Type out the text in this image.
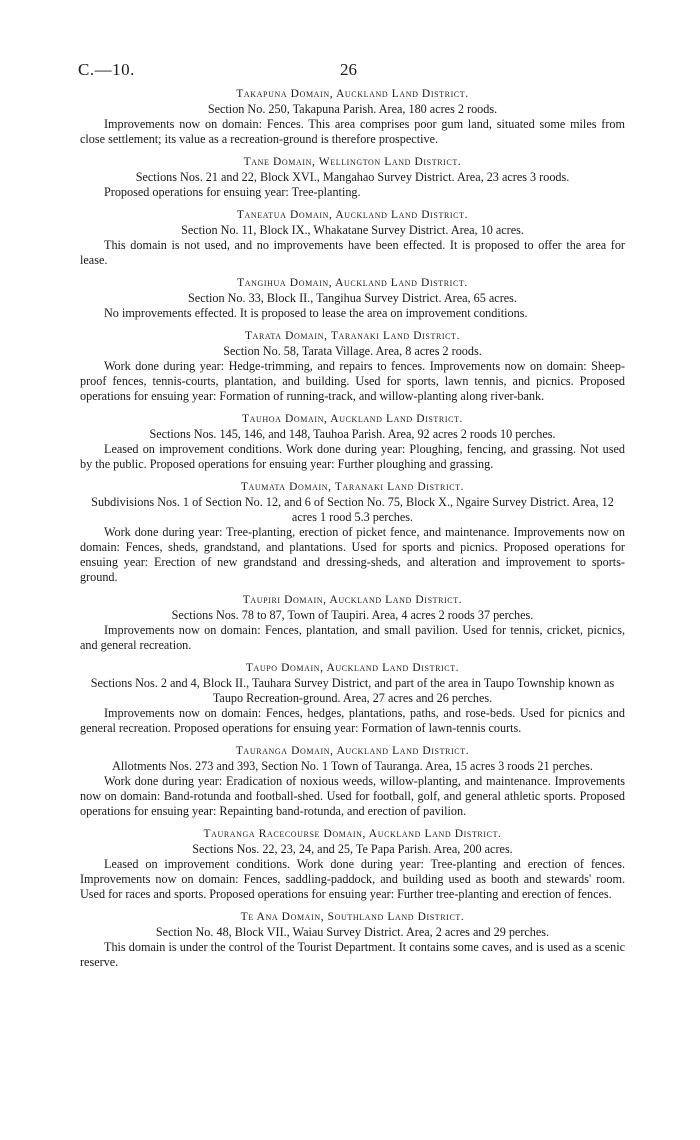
C.—10.	26
Takapuna Domain, Auckland Land District.
Section No. 250, Takapuna Parish. Area, 180 acres 2 roods.
Improvements now on domain: Fences. This area comprises poor gum land, situated some miles from close settlement; its value as a recreation-ground is therefore prospective.
Tane Domain, Wellington Land District.
Sections Nos. 21 and 22, Block XVI., Mangahao Survey District. Area, 23 acres 3 roods.
Proposed operations for ensuing year: Tree-planting.
Taneatua Domain, Auckland Land District.
Section No. 11, Block IX., Whakatane Survey District. Area, 10 acres.
This domain is not used, and no improvements have been effected. It is proposed to offer the area for lease.
Tangihua Domain, Auckland Land District.
Section No. 33, Block II., Tangihua Survey District. Area, 65 acres.
No improvements effected. It is proposed to lease the area on improvement conditions.
Tarata Domain, Taranaki Land District.
Section No. 58, Tarata Village. Area, 8 acres 2 roods.
Work done during year: Hedge-trimming, and repairs to fences. Improvements now on domain: Sheep-proof fences, tennis-courts, plantation, and building. Used for sports, lawn tennis, and picnics. Proposed operations for ensuing year: Formation of running-track, and willow-planting along river-bank.
Tauhoa Domain, Auckland Land District.
Sections Nos. 145, 146, and 148, Tauhoa Parish. Area, 92 acres 2 roods 10 perches.
Leased on improvement conditions. Work done during year: Ploughing, fencing, and grassing. Not used by the public. Proposed operations for ensuing year: Further ploughing and grassing.
Taumata Domain, Taranaki Land District.
Subdivisions Nos. 1 of Section No. 12, and 6 of Section No. 75, Block X., Ngaire Survey District. Area, 12 acres 1 rood 5.3 perches.
Work done during year: Tree-planting, erection of picket fence, and maintenance. Improvements now on domain: Fences, sheds, grandstand, and plantations. Used for sports and picnics. Proposed operations for ensuing year: Erection of new grandstand and dressing-sheds, and alteration and improvement to sports-ground.
Taupiri Domain, Auckland Land District.
Sections Nos. 78 to 87, Town of Taupiri. Area, 4 acres 2 roods 37 perches.
Improvements now on domain: Fences, plantation, and small pavilion. Used for tennis, cricket, picnics, and general recreation.
Taupo Domain, Auckland Land District.
Sections Nos. 2 and 4, Block II., Tauhara Survey District, and part of the area in Taupo Township known as Taupo Recreation-ground. Area, 27 acres and 26 perches.
Improvements now on domain: Fences, hedges, plantations, paths, and rose-beds. Used for picnics and general recreation. Proposed operations for ensuing year: Formation of lawn-tennis courts.
Tauranga Domain, Auckland Land District.
Allotments Nos. 273 and 393, Section No. 1 Town of Tauranga. Area, 15 acres 3 roods 21 perches.
Work done during year: Eradication of noxious weeds, willow-planting, and maintenance. Improvements now on domain: Band-rotunda and football-shed. Used for football, golf, and general athletic sports. Proposed operations for ensuing year: Repainting band-rotunda, and erection of pavilion.
Tauranga Racecourse Domain, Auckland Land District.
Sections Nos. 22, 23, 24, and 25, Te Papa Parish. Area, 200 acres.
Leased on improvement conditions. Work done during year: Tree-planting and erection of fences. Improvements now on domain: Fences, saddling-paddock, and building used as booth and stewards' room. Used for races and sports. Proposed operations for ensuing year: Further tree-planting and erection of fences.
Te Ana Domain, Southland Land District.
Section No. 48, Block VII., Waiau Survey District. Area, 2 acres and 29 perches.
This domain is under the control of the Tourist Department. It contains some caves, and is used as a scenic reserve.
